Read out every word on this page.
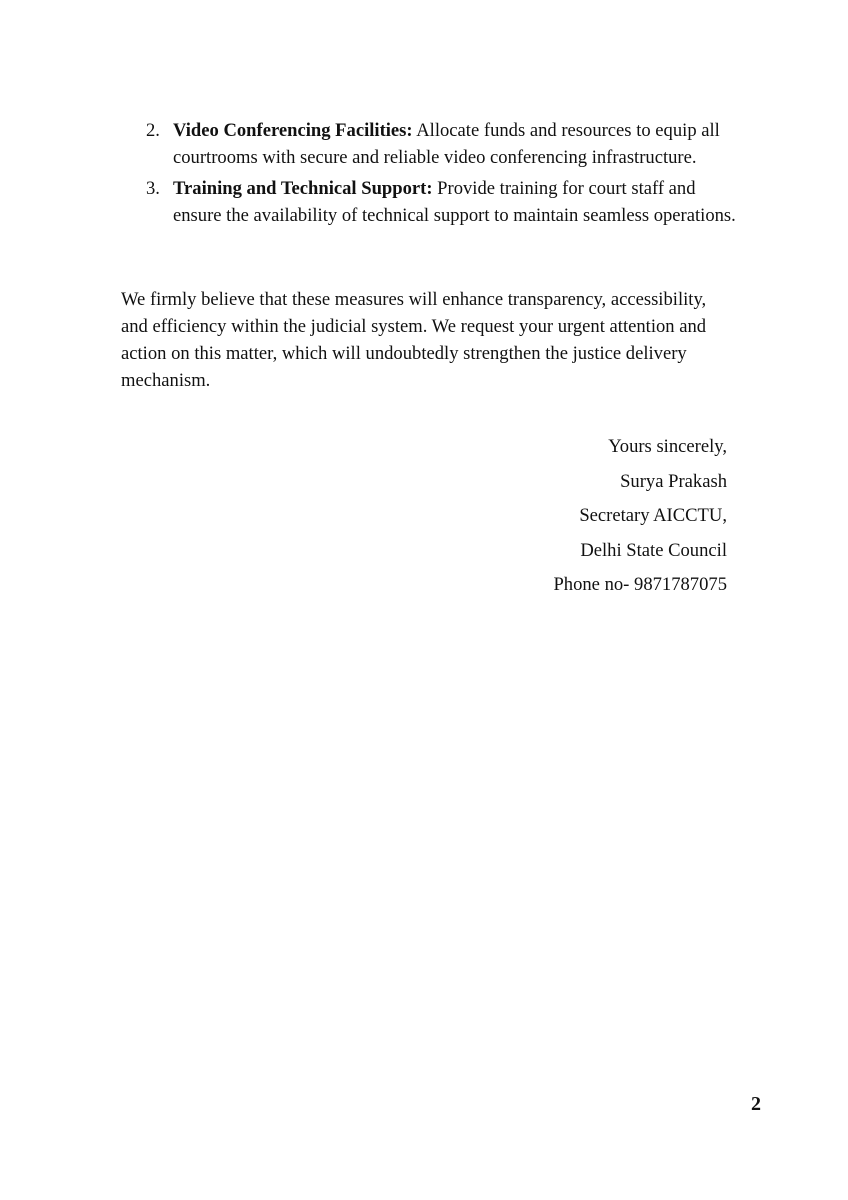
2. Video Conferencing Facilities: Allocate funds and resources to equip all courtrooms with secure and reliable video conferencing infrastructure.
3. Training and Technical Support: Provide training for court staff and ensure the availability of technical support to maintain seamless operations.

We firmly believe that these measures will enhance transparency, accessibility, and efficiency within the judicial system. We request your urgent attention and action on this matter, which will undoubtedly strengthen the justice delivery mechanism.

Yours sincerely,
Surya Prakash
Secretary AICCTU,
Delhi State Council
Phone no- 9871787075
2
